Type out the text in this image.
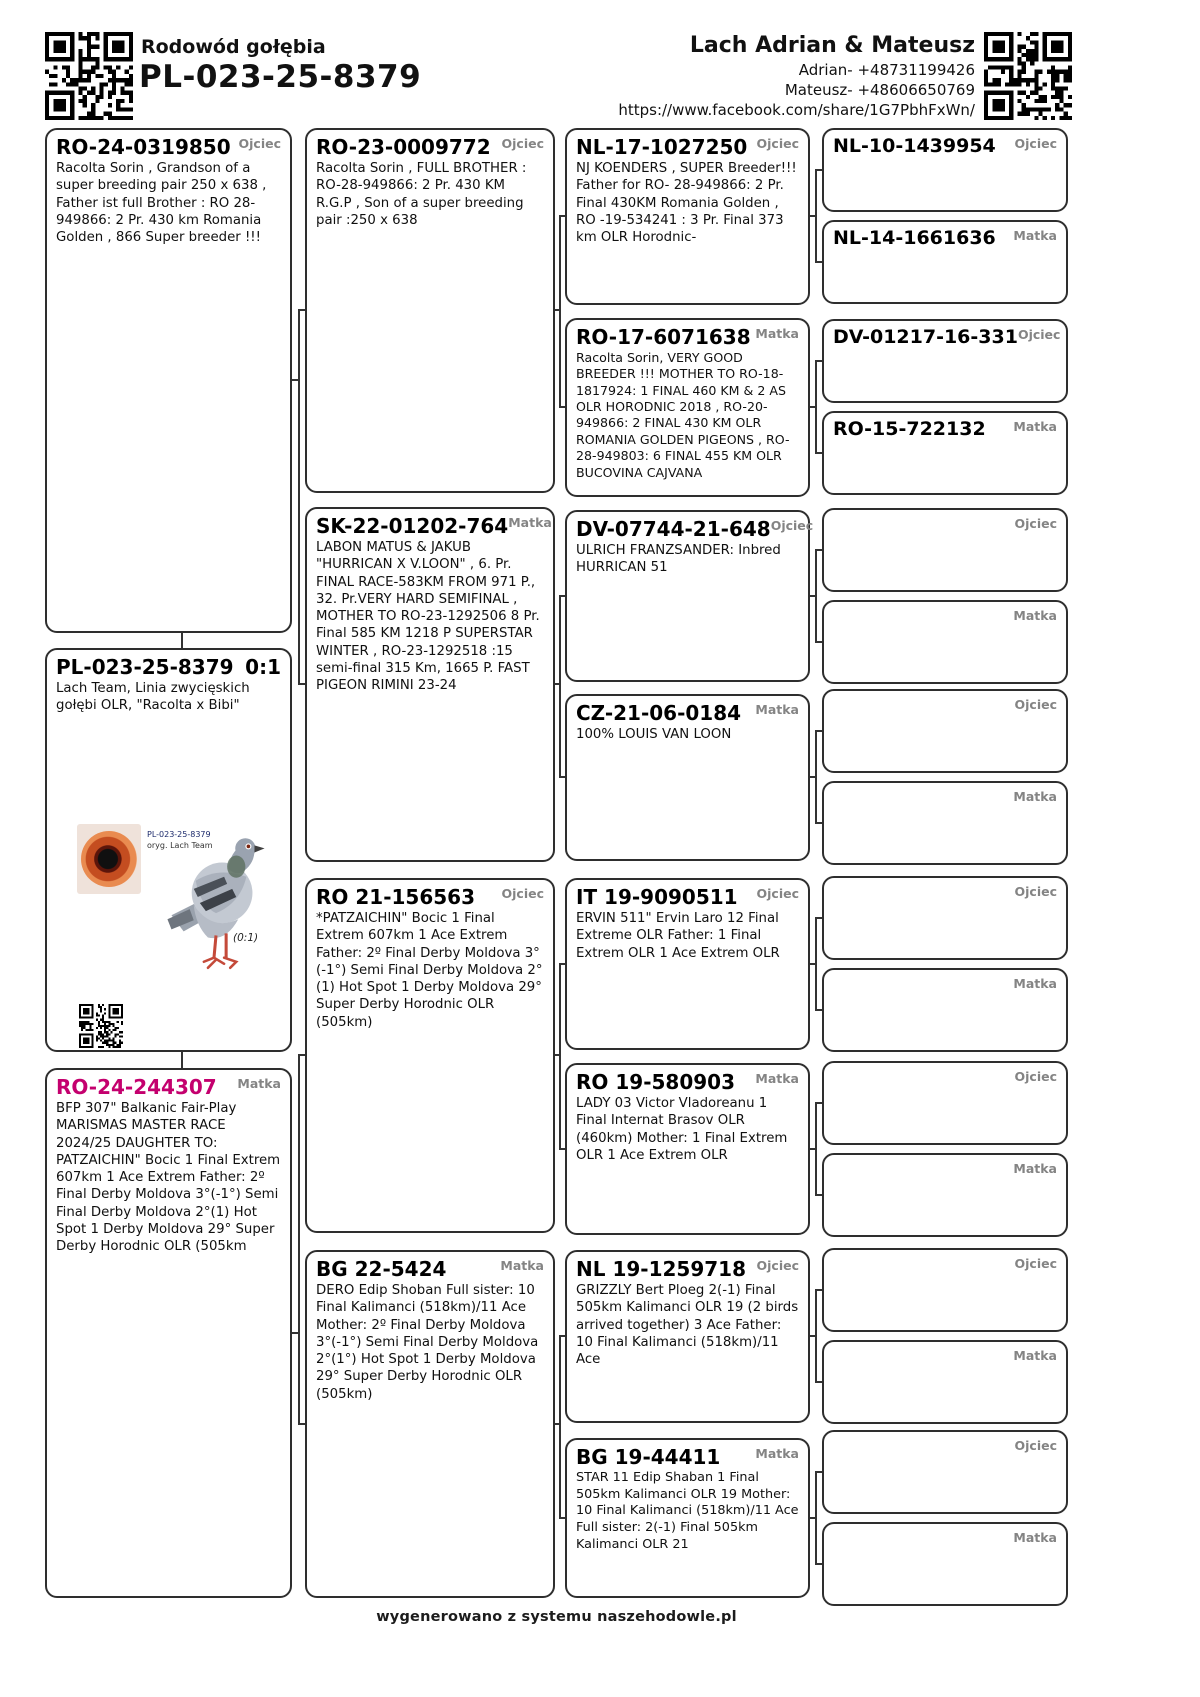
Rodowód gołębia
PL-023-25-8379
Lach Adrian & Mateusz
Adrian- +48731199426
Mateusz- +48606650769
https://www.facebook.com/share/1G7PbhFxWn/
RO-24-0319850 Ojciec

Racolta Sorin , Grandson of a super breeding pair 250 x 638 , Father ist full Brother : RO 28-949866: 2 Pr. 430 km Romania Golden , 866 Super breeder !!!

PL-023-25-8379 0:1

Lach Team, Linia zwycięskich gołębi OLR, "Racolta x Bibi"

PL-023-25-8379
oryg. Lach Team
(0:1)
RO-24-244307 Matka

BFP 307" Balkanic Fair-Play MARISMAS MASTER RACE 2024/25 DAUGHTER TO: PATZAICHIN" Bocic 1 Final Extrem 607km 1 Ace Extrem Father: 2º Final Derby Moldova 3°(-1°) Semi Final Derby Moldova 2°(1) Hot Spot 1 Derby Moldova 29° Super Derby Horodnic OLR (505km

RO-23-0009772 Ojciec

Racolta Sorin , FULL BROTHER : RO-28-949866: 2 Pr. 430 KM R.G.P , Son of a super breeding pair :250 x 638

SK-22-01202-764 Matka

LABON MATUS & JAKUB "HURRICAN X V.LOON" , 6. Pr. FINAL RACE-583KM FROM 971 P., 32. Pr.VERY HARD SEMIFINAL , MOTHER TO RO-23-1292506 8 Pr. Final 585 KM 1218 P SUPERSTAR WINTER , RO-23-1292518 :15 semi-final 315 Km, 1665 P. FAST PIGEON RIMINI 23-24

RO 21-156563 Ojciec

*PATZAICHIN" Bocic 1 Final Extrem 607km 1 Ace Extrem Father: 2º Final Derby Moldova 3°(-1°) Semi Final Derby Moldova 2°(1) Hot Spot 1 Derby Moldova 29° Super Derby Horodnic OLR (505km)

BG 22-5424	Matka

DERO Edip Shoban Full sister: 10 Final Kalimanci (518km)/11 Ace Mother: 2º Final Derby Moldova 3°(-1°) Semi Final Derby Moldova 2°(1°) Hot Spot 1 Derby Moldova 29° Super Derby Horodnic OLR (505km)

NL-17-1027250 Ojciec

NJ KOENDERS , SUPER Breeder!!! Father for RO- 28-949866: 2 Pr. Final 430KM Romania Golden , RO -19-534241 : 3 Pr. Final 373 km OLR Horodnic-

RO-17-6071638 Matka

Racolta Sorin, VERY GOOD BREEDER !!! MOTHER TO RO-18-1817924: 1 FINAL 460 KM & 2 AS OLR HORODNIC 2018 , RO-20-949866: 2 FINAL 430 KM OLR ROMANIA GOLDEN PIGEONS , RO-28-949803: 6 FINAL 455 KM OLR BUCOVINA CAJVANA

DV-07744-21-648 Ojciec

ULRICH FRANZSANDER: Inbred HURRICAN 51

CZ-21-06-0184 Matka

100% LOUIS VAN LOON

IT 19-9090511 Ojciec

ERVIN 511" Ervin Laro 12 Final Extreme OLR Father: 1 Final Extrem OLR 1 Ace Extrem OLR

RO 19-580903 Matka

LADY 03 Victor Vladoreanu 1 Final Internat Brasov OLR (460km) Mother: 1 Final Extrem OLR 1 Ace Extrem OLR

NL 19-1259718 Ojciec

GRIZZLY Bert Ploeg 2(-1) Final 505km Kalimanci OLR 19 (2 birds arrived together) 3 Ace Father: 10 Final Kalimanci (518km)/11 Ace

BG 19-44411	Matka

STAR 11 Edip Shaban 1 Final 505km Kalimanci OLR 19 Mother: 10 Final Kalimanci (518km)/11 Ace Full sister: 2(-1) Final 505km Kalimanci OLR 21

NL-10-1439954 Ojciec
NL-14-1661636 Matka
DV-01217-16-331 Ojciec
RO-15-722132 Matka
Ojciec
Matka
Ojciec
Matka
Ojciec
Matka
Ojciec
Matka
Ojciec
Matka
Ojciec
Matka
wygenerowano z systemu naszehodowle.pl
